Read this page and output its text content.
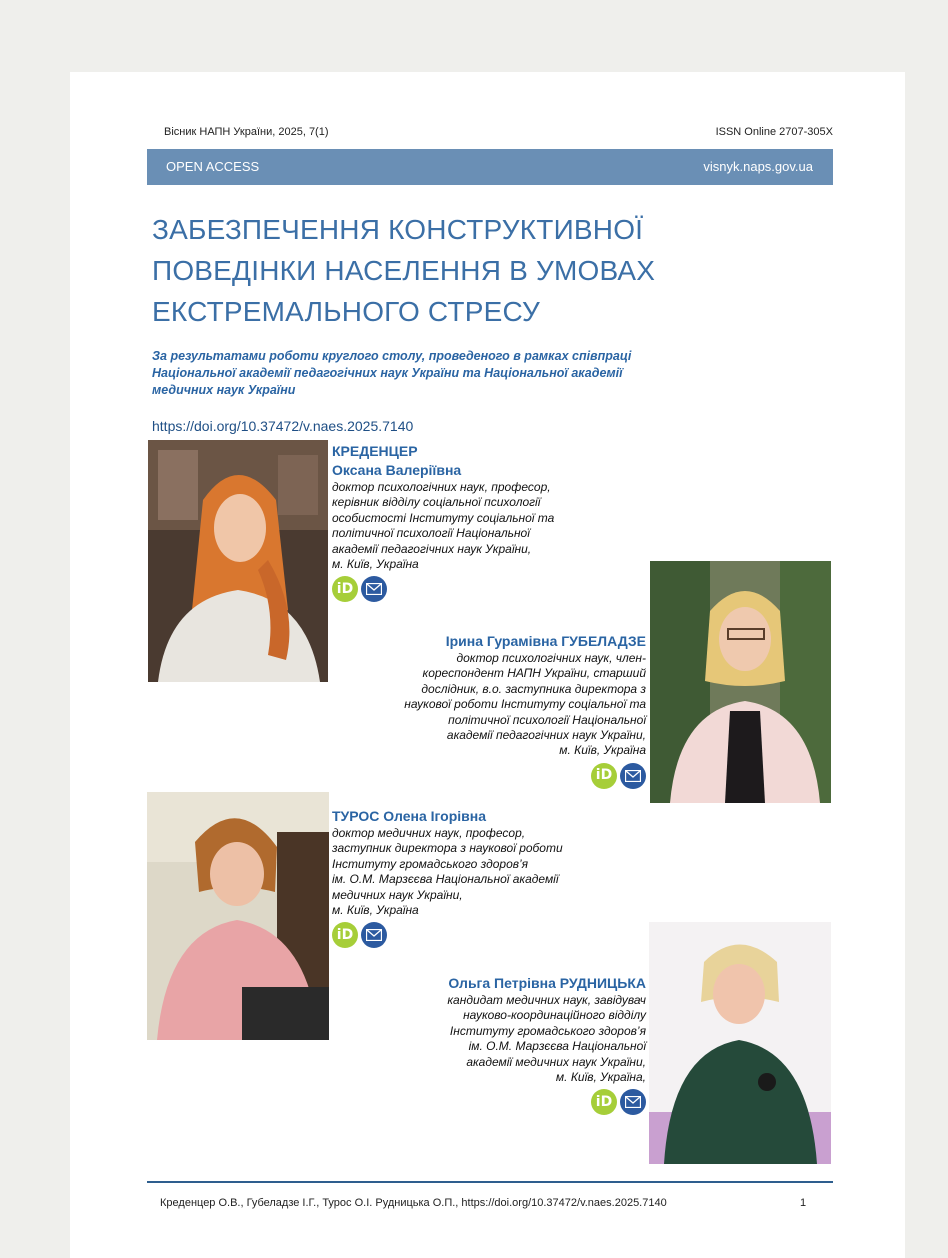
Вісник НАПН України, 2025, 7(1)	ISSN Online 2707-305X
OPEN ACCESS	visnyk.naps.gov.ua
ЗАБЕЗПЕЧЕННЯ КОНСТРУКТИВНОЇ
ПОВЕДІНКИ НАСЕЛЕННЯ В УМОВАХ
ЕКСТРЕМАЛЬНОГО СТРЕСУ
За результатами роботи круглого столу, проведеного в рамках співпраці
Національної академії педагогічних наук України та Національної академії
медичних наук України
https://doi.org/10.37472/v.naes.2025.7140
КРЕДЕНЦЕР
Оксана Валеріївна
доктор психологічних наук, професор,
керівник відділу соціальної психології
особистості Інституту соціальної та
політичної психології Національної
академії педагогічних наук України,
м. Київ, Україна
iD
Ірина Гурамівна ГУБЕЛАДЗЕ
доктор психологічних наук, член-
кореспондент НАПН України, старший
дослідник, в.о. заступника директора з
наукової роботи Інституту соціальної та
політичної психології Національної
академії педагогічних наук України,
м. Київ, Україна
iD
ТУРОС Олена Ігорівна
доктор медичних наук, професор,
заступник директора з наукової роботи
Інституту громадського здоров’я
ім. О.М. Марзєєва Національної академії
медичних наук України,
м. Київ, Україна
iD
Ольга Петрівна РУДНИЦЬКА
кандидат медичних наук, завідувач
науково-координаційного відділу
Інституту громадського здоров’я
ім. О.М. Марзєєва Національної
академії медичних наук України,
м. Київ, Україна,
iD
Креденцер О.В., Губеладзе І.Г., Турос О.І. Рудницька О.П., https://doi.org/10.37472/v.naes.2025.7140	1
